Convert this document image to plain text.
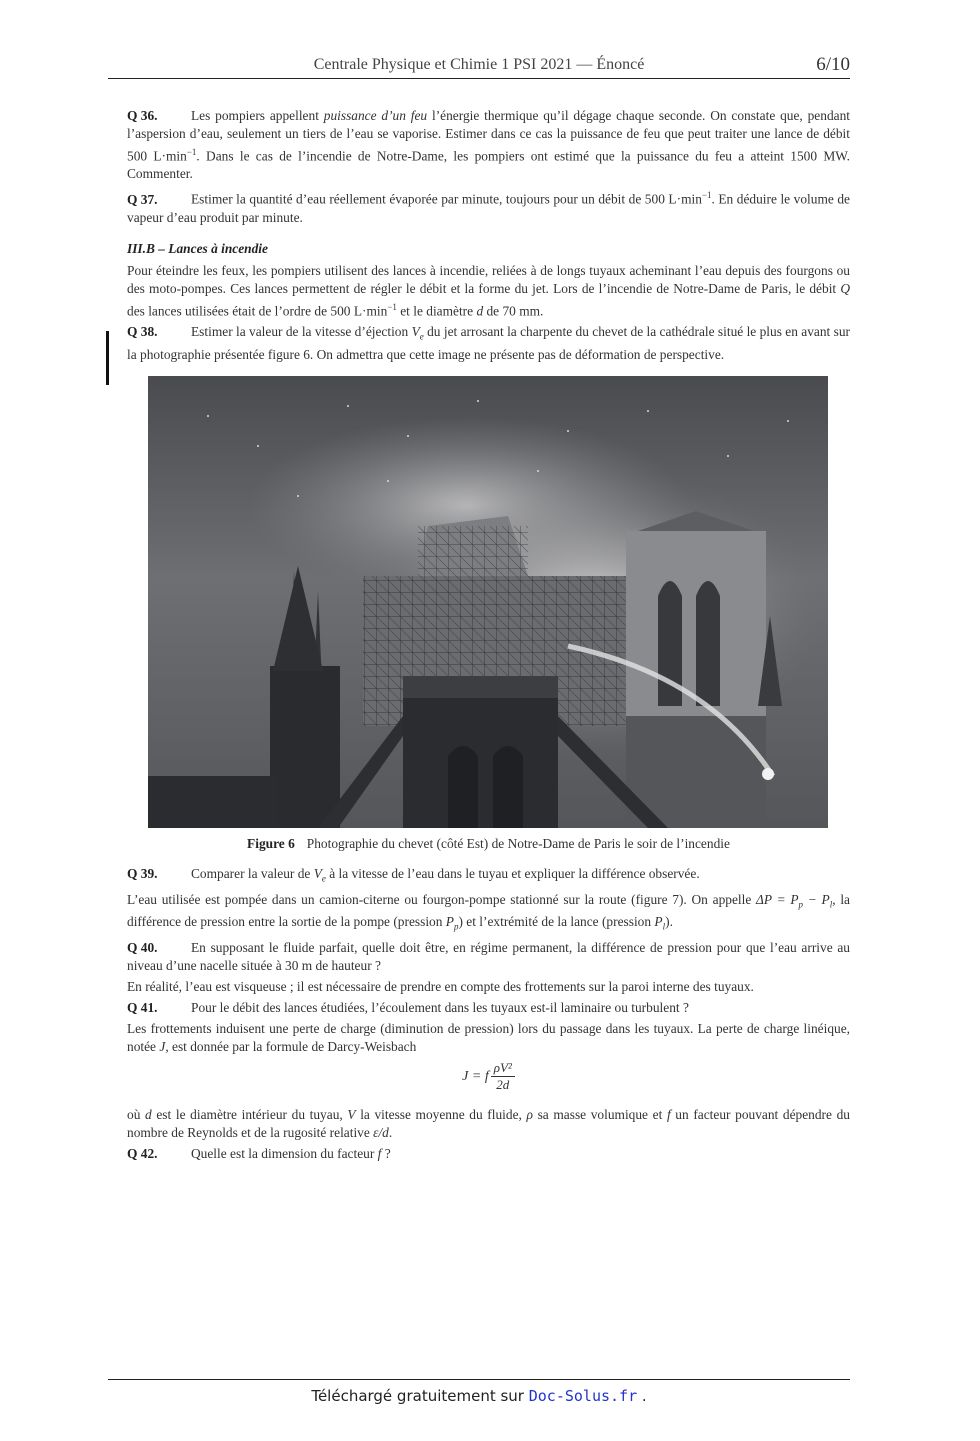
Centrale Physique et Chimie 1 PSI 2021 — Énoncé	6/10

Q 36. Les pompiers appellent puissance d’un feu l’énergie thermique qu’il dégage chaque seconde. On constate que, pendant l’aspersion d’eau, seulement un tiers de l’eau se vaporise. Estimer dans ce cas la puissance de feu que peut traiter une lance de débit 500 $L\cdot\min^{-1}$. Dans le cas de l’incendie de Notre-Dame, les pompiers ont estimé que la puissance du feu a atteint 1500 MW. Commenter.

Q 37. Estimer la quantité d’eau réellement évaporée par minute, toujours pour un débit de 500 $L\cdot\min^{-1}$. En déduire le volume de vapeur d’eau produit par minute.

III.B – Lances à incendie

Pour éteindre les feux, les pompiers utilisent des lances à incendie, reliées à de longs tuyaux acheminant l’eau depuis des fourgons ou des moto-pompes. Ces lances permettent de régler le débit et la forme du jet. Lors de l’incendie de Notre-Dame de Paris, le débit Q des lances utilisées était de l’ordre de 500 $L\cdot\min^{-1}$ et le diamètre d de 70 mm.

Q 38. Estimer la valeur de la vitesse d’éjection $V_e$ du jet arrosant la charpente du chevet de la cathédrale situé le plus en avant sur la photographie présentée figure 6. On admettra que cette image ne présente pas de déformation de perspective.

Figure 6 Photographie du chevet (côté Est) de Notre-Dame de Paris le soir de l’incendie

Q 39. Comparer la valeur de $V_e$ à la vitesse de l’eau dans le tuyau et expliquer la différence observée.

L’eau utilisée est pompée dans un camion-citerne ou fourgon-pompe stationné sur la route (figure 7). On appelle $\Delta P = P_p - P_l$, la différence de pression entre la sortie de la pompe (pression $P_p$) et l’extrémité de la lance (pression $P_l$).

Q 40. En supposant le fluide parfait, quelle doit être, en régime permanent, la différence de pression pour que l’eau arrive au niveau d’une nacelle située à 30 m de hauteur ?

En réalité, l’eau est visqueuse ; il est nécessaire de prendre en compte des frottements sur la paroi interne des tuyaux.

Q 41. Pour le débit des lances étudiées, l’écoulement dans les tuyaux est-il laminaire ou turbulent ?

Les frottements induisent une perte de charge (diminution de pression) lors du passage dans les tuyaux. La perte de charge linéique, notée J, est donnée par la formule de Darcy-Weisbach

J = f $\frac{\text{ρV²}}{2d}$

où d est le diamètre intérieur du tuyau, V la vitesse moyenne du fluide, ρ sa masse volumique et f un facteur pouvant dépendre du nombre de Reynolds et de la rugosité relative ε/d.

Q 42. Quelle est la dimension du facteur f ?

Téléchargé gratuitement sur Doc-Solus.fr .
